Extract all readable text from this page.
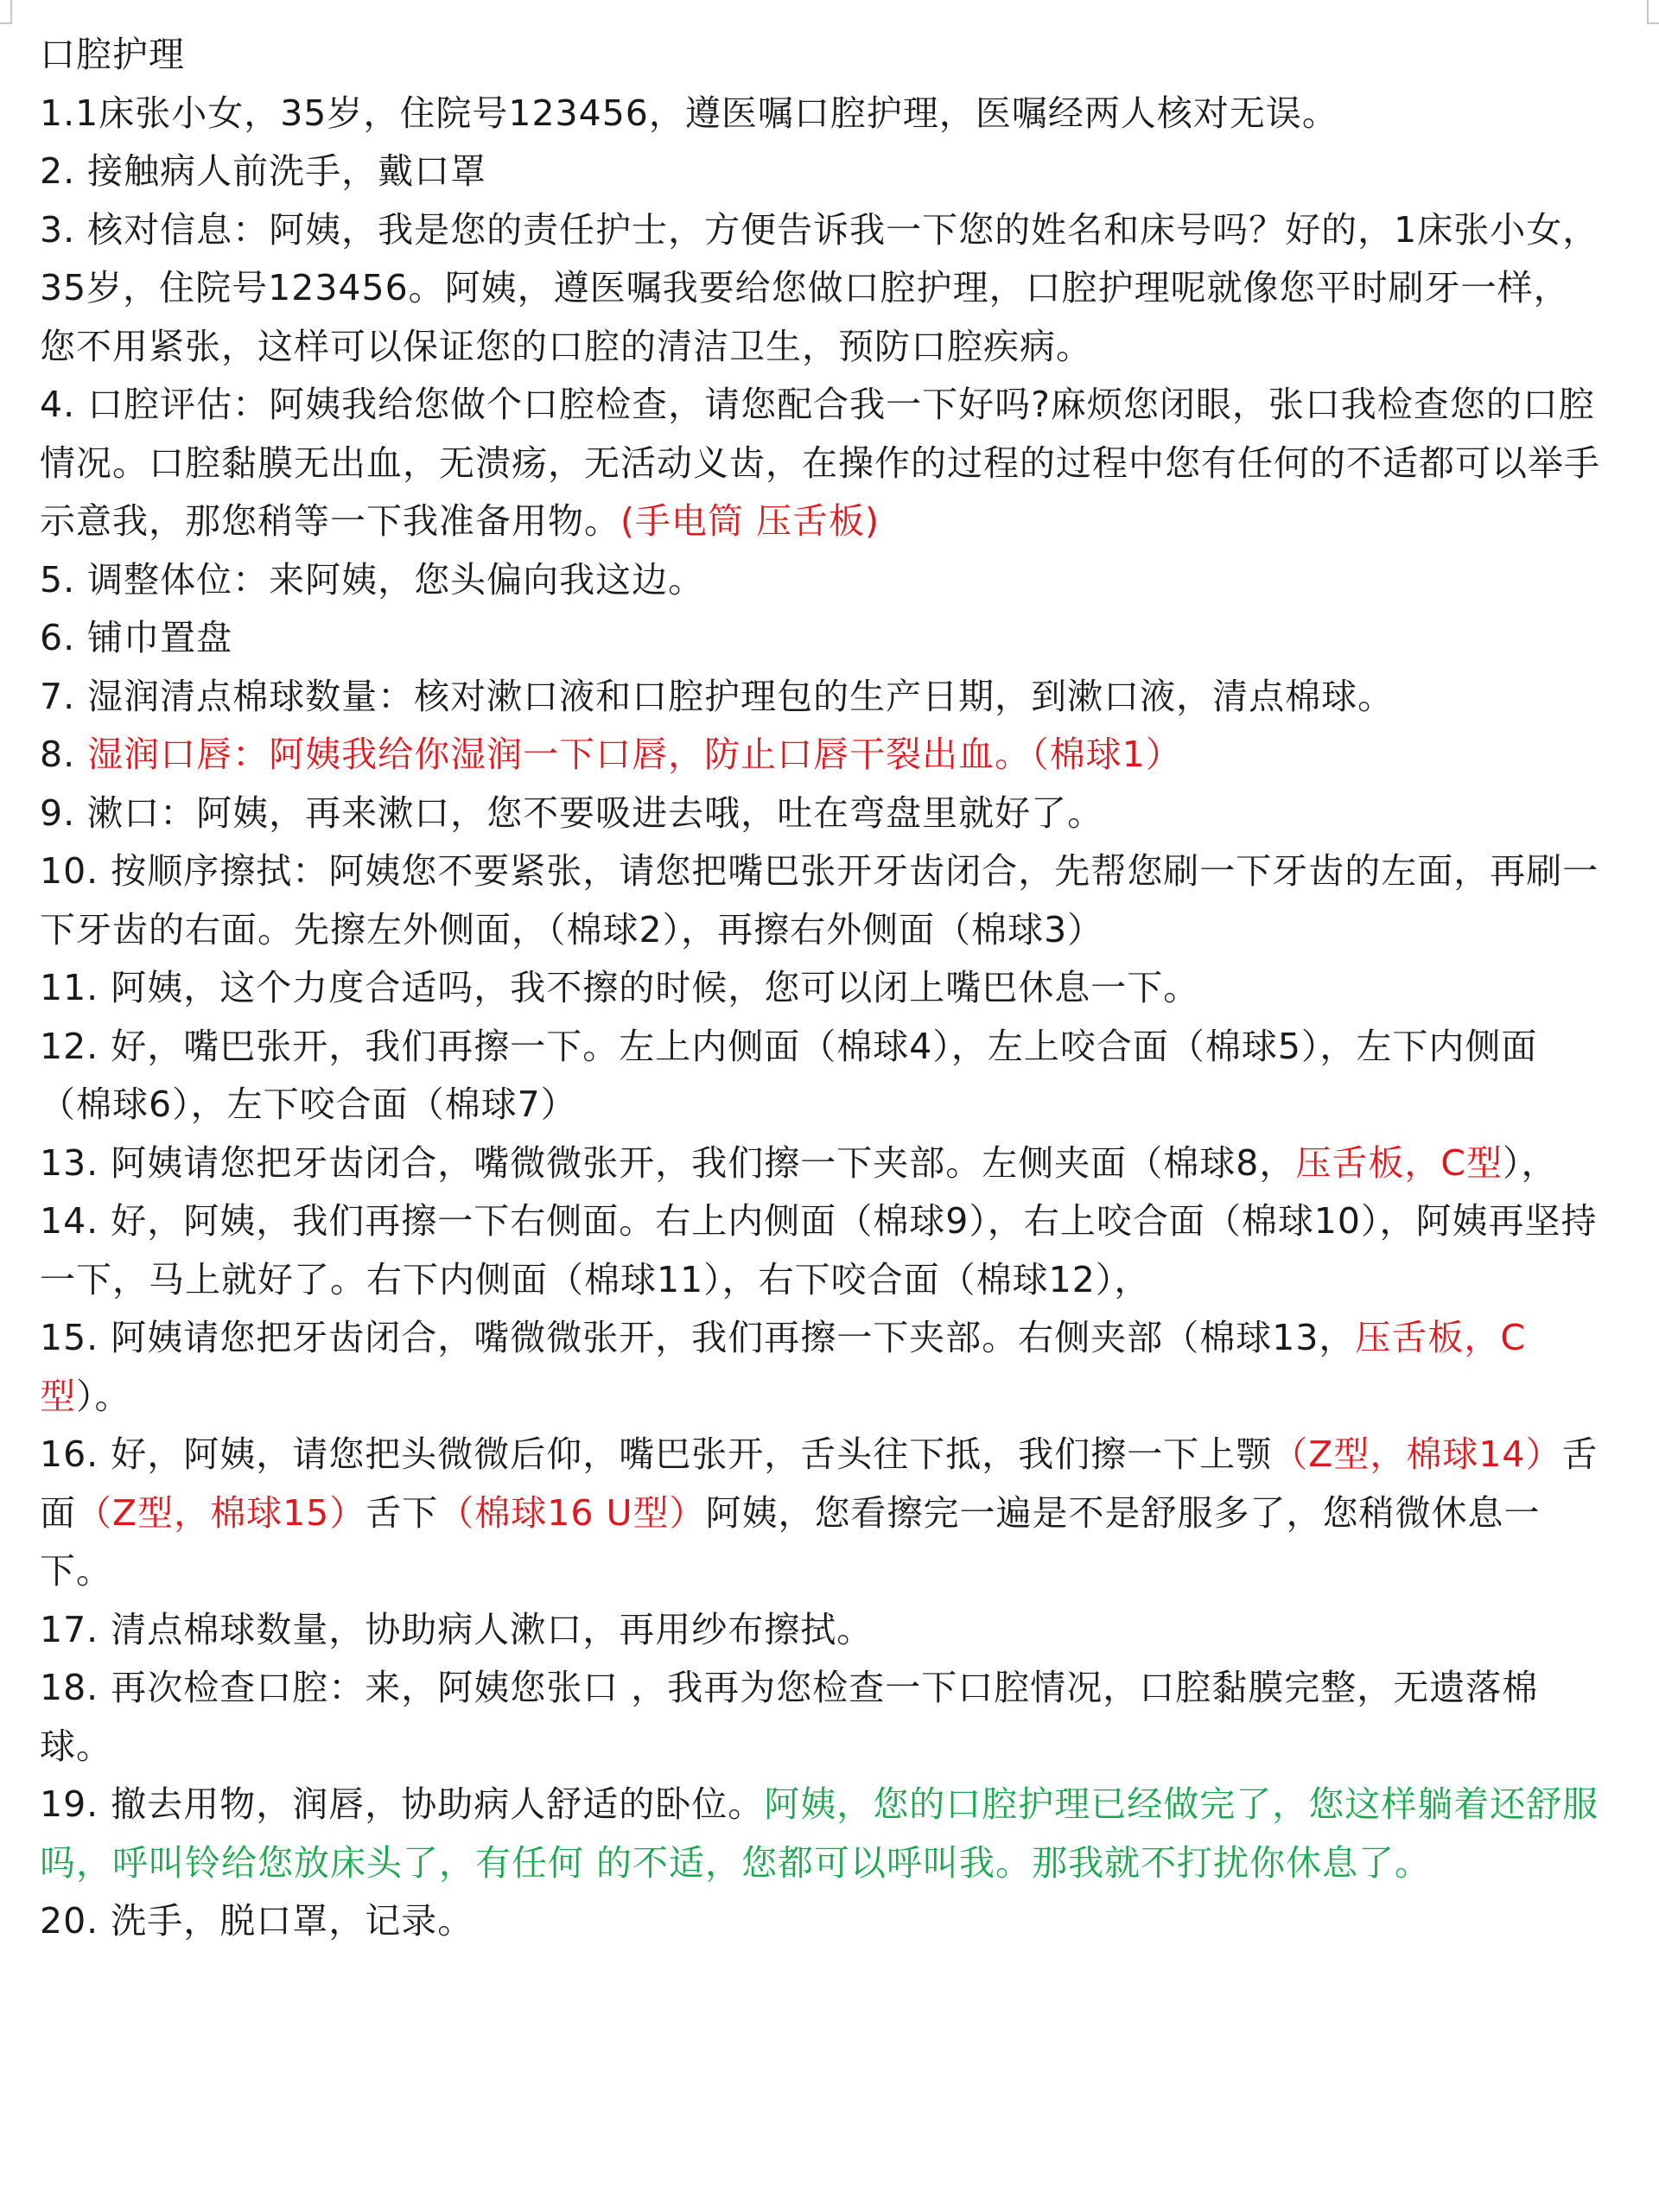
口腔护理

1.1床张小女，35岁，住院号123456，遵医嘱口腔护理，医嘱经两人核对无误。

2. 接触病人前洗手，戴口罩

3. 核对信息：阿姨，我是您的责任护士，方便告诉我一下您的姓名和床号吗？好的，1床张小女，35岁，住院号123456。阿姨，遵医嘱我要给您做口腔护理，口腔护理呢就像您平时刷牙一样，您不用紧张，这样可以保证您的口腔的清洁卫生，预防口腔疾病。

4. 口腔评估：阿姨我给您做个口腔检查，请您配合我一下好吗?麻烦您闭眼，张口我检查您的口腔情况。口腔黏膜无出血，无溃疡，无活动义齿，在操作的过程的过程中您有任何的不适都可以举手示意我，那您稍等一下我准备用物。(手电筒 压舌板)

5. 调整体位：来阿姨，您头偏向我这边。

6. 铺巾置盘

7. 湿润清点棉球数量：核对漱口液和口腔护理包的生产日期，到漱口液，清点棉球。

8. 湿润口唇：阿姨我给你湿润一下口唇，防止口唇干裂出血。（棉球1）

9. 漱口：阿姨，再来漱口，您不要吸进去哦，吐在弯盘里就好了。

10. 按顺序擦拭：阿姨您不要紧张，请您把嘴巴张开牙齿闭合，先帮您刷一下牙齿的左面，再刷一下牙齿的右面。先擦左外侧面，（棉球2），再擦右外侧面（棉球3）

11. 阿姨，这个力度合适吗，我不擦的时候，您可以闭上嘴巴休息一下。

12. 好，嘴巴张开，我们再擦一下。左上内侧面（棉球4），左上咬合面（棉球5），左下内侧面（棉球6），左下咬合面（棉球7）

13. 阿姨请您把牙齿闭合，嘴微微张开，我们擦一下夹部。左侧夹面（棉球8，压舌板，C型），

14. 好，阿姨，我们再擦一下右侧面。右上内侧面（棉球9），右上咬合面（棉球10），阿姨再坚持一下，马上就好了。右下内侧面（棉球11），右下咬合面（棉球12），

15. 阿姨请您把牙齿闭合，嘴微微张开，我们再擦一下夹部。右侧夹部（棉球13，压舌板，C型）。

16. 好，阿姨，请您把头微微后仰，嘴巴张开，舌头往下抵，我们擦一下上颚（Z型，棉球14）舌面（Z型，棉球15）舌下（棉球16 U型）阿姨，您看擦完一遍是不是舒服多了，您稍微休息一下。

17. 清点棉球数量，协助病人漱口，再用纱布擦拭。

18. 再次检查口腔：来，阿姨您张口 ，我再为您检查一下口腔情况，口腔黏膜完整，无遗落棉球。

19. 撤去用物，润唇，协助病人舒适的卧位。阿姨，您的口腔护理已经做完了，您这样躺着还舒服吗，呼叫铃给您放床头了，有任何 的不适，您都可以呼叫我。那我就不打扰你休息了。

20. 洗手，脱口罩，记录。
